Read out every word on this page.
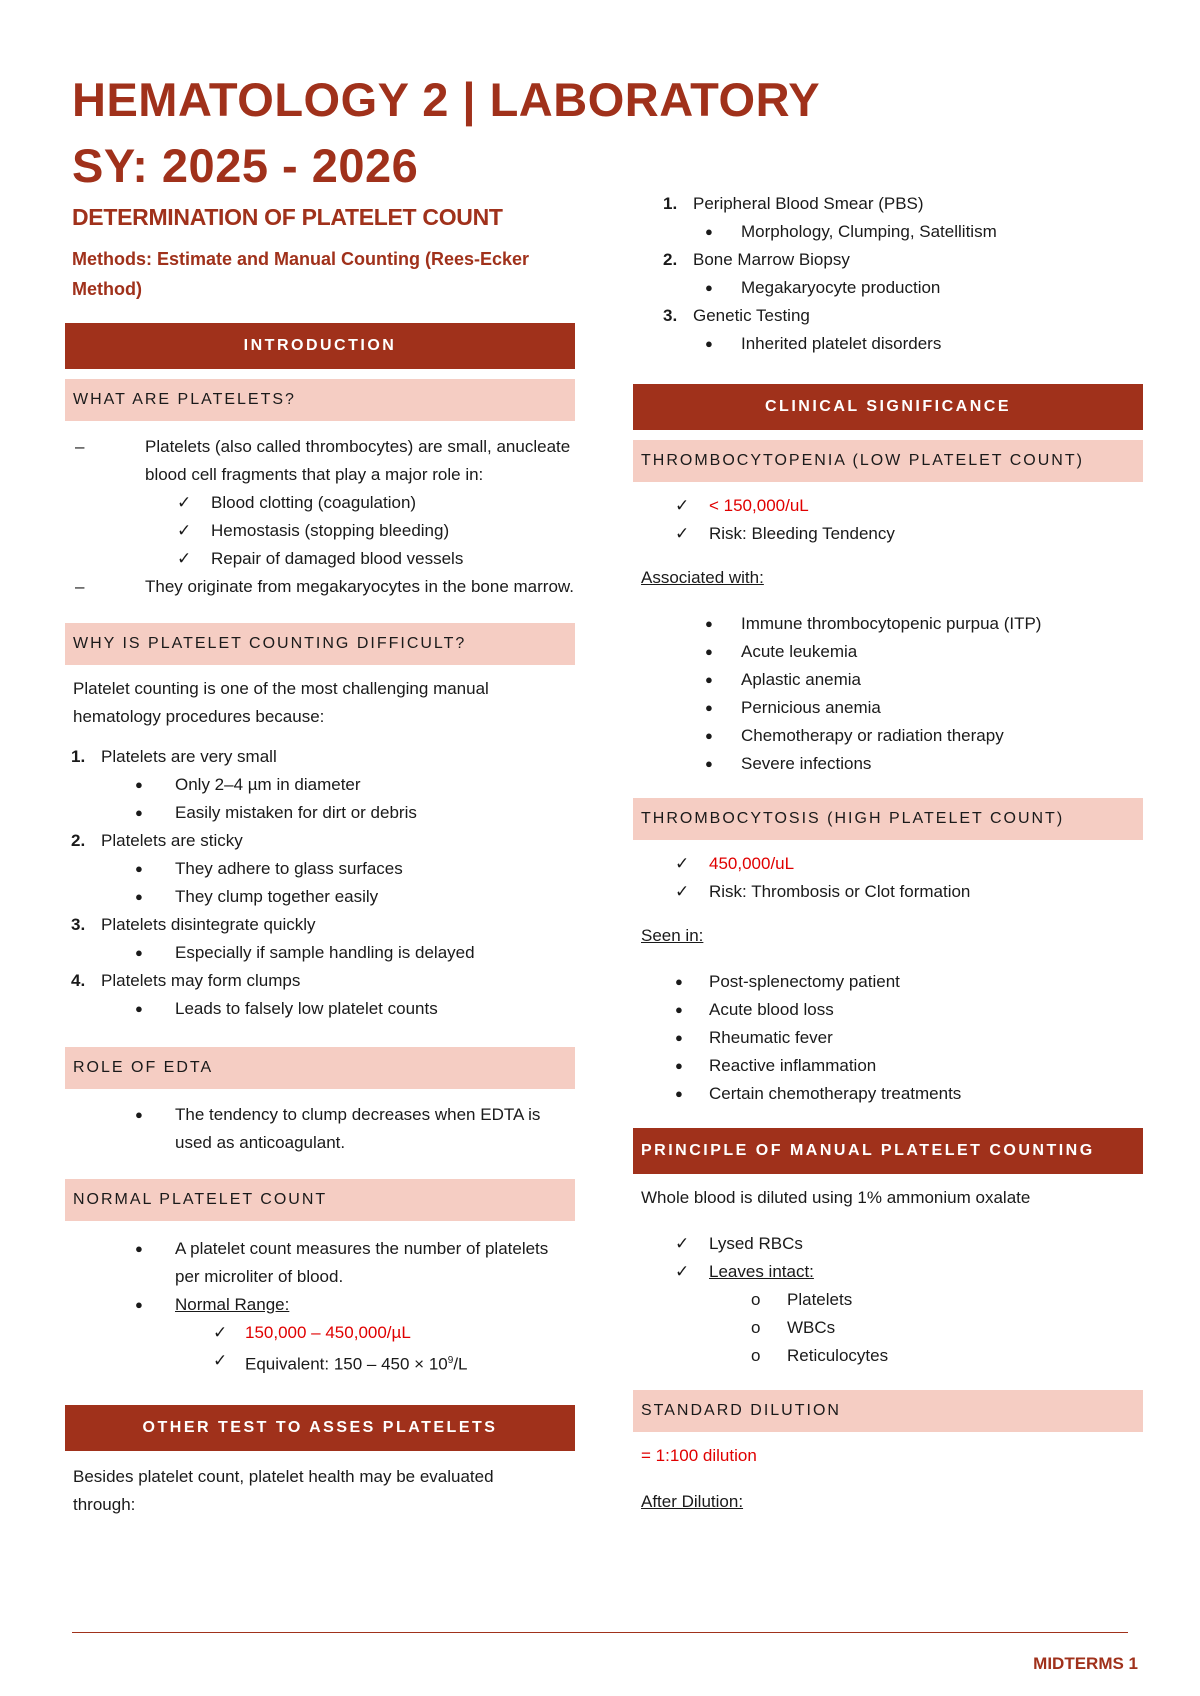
HEMATOLOGY 2 | LABORATORY
SY: 2025 - 2026
DETERMINATION OF PLATELET COUNT

Methods: Estimate and Manual Counting (Rees-Ecker Method)

INTRODUCTION
WHAT ARE PLATELETS?
–	Platelets (also called thrombocytes) are small, anucleate blood cell fragments that play a major role in:
✓	Blood clotting (coagulation)
✓	Hemostasis (stopping bleeding)
✓	Repair of damaged blood vessels
–	They originate from megakaryocytes in the bone marrow.
WHY IS PLATELET COUNTING DIFFICULT?

Platelet counting is one of the most challenging manual hematology procedures because:

1. Platelets are very small
●	Only 2–4 µm in diameter
●	Easily mistaken for dirt or debris
2. Platelets are sticky
●	They adhere to glass surfaces
●	They clump together easily
3. Platelets disintegrate quickly
●	Especially if sample handling is delayed
4. Platelets may form clumps
●	Leads to falsely low platelet counts
ROLE OF EDTA
●	The tendency to clump decreases when EDTA is used as anticoagulant.
NORMAL PLATELET COUNT
●	A platelet count measures the number of platelets per microliter of blood.
●	Normal Range:
✓	150,000 – 450,000/µL
✓	Equivalent: $150 - 450 \times 10^9/L$
OTHER TEST TO ASSES PLATELETS

Besides platelet count, platelet health may be evaluated through:

1. Peripheral Blood Smear (PBS)
●	Morphology, Clumping, Satellitism
2. Bone Marrow Biopsy
●	Megakaryocyte production
3. Genetic Testing
●	Inherited platelet disorders
CLINICAL SIGNIFICANCE
THROMBOCYTOPENIA (LOW PLATELET COUNT)
✓	< 150,000/uL
✓	Risk: Bleeding Tendency

Associated with:

●	Immune thrombocytopenic purpua (ITP)
●	Acute leukemia
●	Aplastic anemia
●	Pernicious anemia
●	Chemotherapy or radiation therapy
●	Severe infections
THROMBOCYTOSIS (HIGH PLATELET COUNT)
✓	450,000/uL
✓	Risk: Thrombosis or Clot formation

Seen in:

●	Post-splenectomy patient
●	Acute blood loss
●	Rheumatic fever
●	Reactive inflammation
●	Certain chemotherapy treatments
PRINCIPLE OF MANUAL PLATELET COUNTING

Whole blood is diluted using 1% ammonium oxalate

✓	Lysed RBCs
✓	Leaves intact:
o	Platelets
o	WBCs
o	Reticulocytes
STANDARD DILUTION

= 1:100 dilution

After Dilution:

MIDTERMS 1
